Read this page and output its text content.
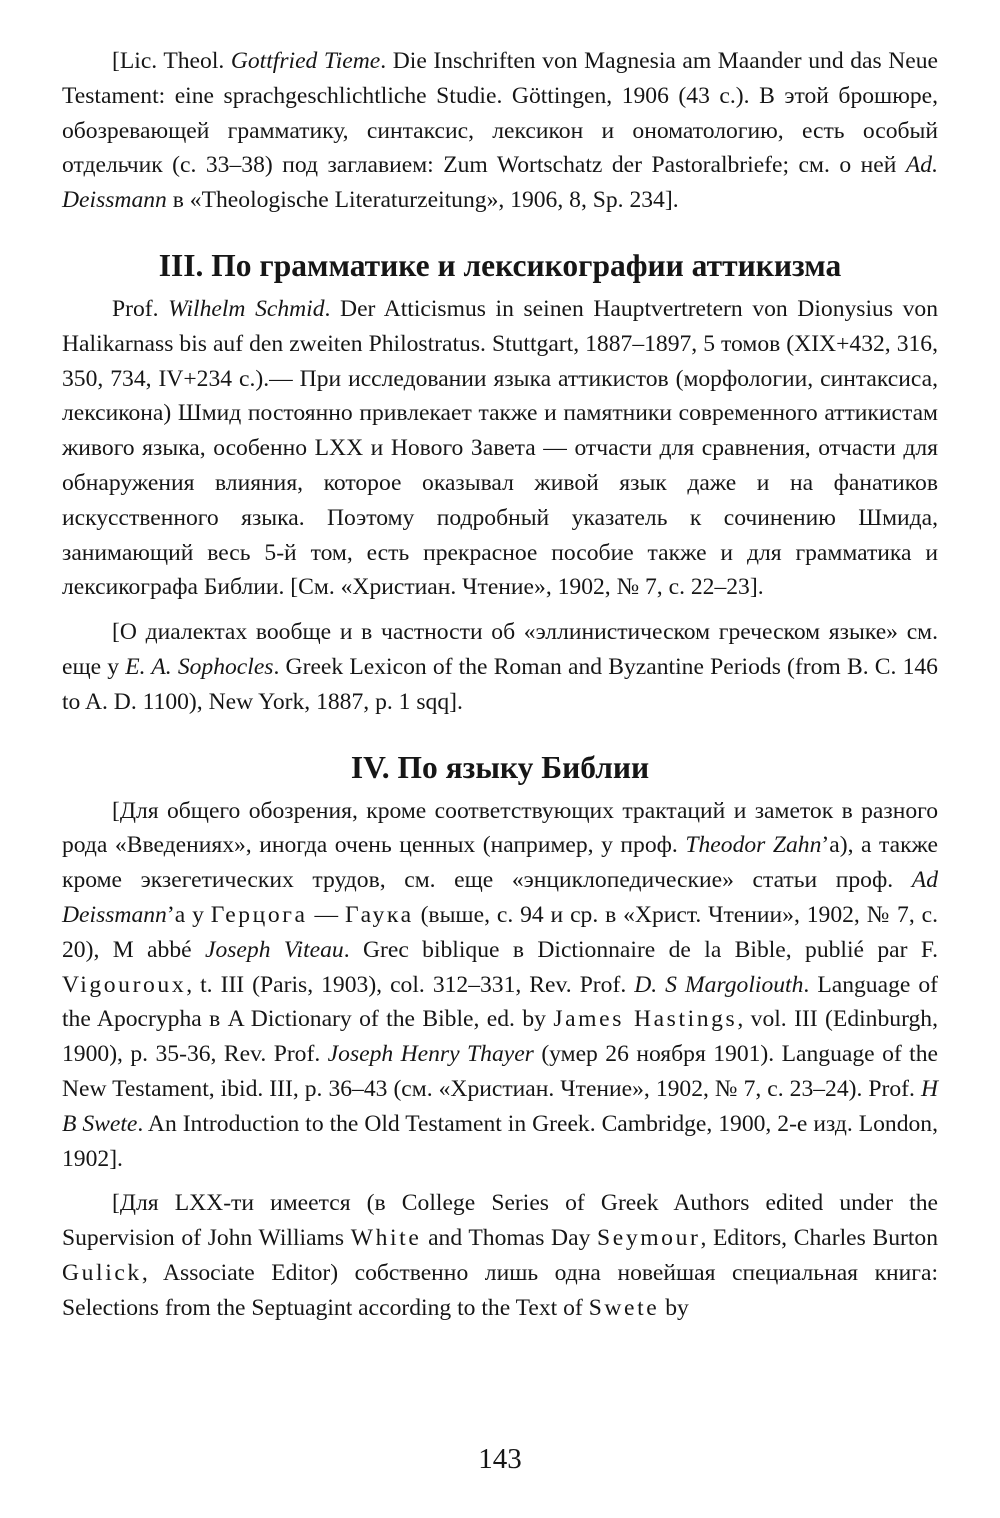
[Lic. Theol. Gottfried Tieme. Die Inschriften von Magnesia am Maander und das Neue Testament: eine sprachgeschlichtliche Studie. Göttingen, 1906 (43 с.). В этой брошюре, обозревающей грамматику, синтаксис, лексикон и ономатологию, есть особый отдельчик (с. 33–38) под заглавием: Zum Wortschatz der Pastoralbriefe; см. о ней Ad. Deissmann в «Theologische Literaturzeitung», 1906, 8, Sp. 234].

III. По грамматике и лексикографии аттикизма

Prof. Wilhelm Schmid. Der Atticismus in seinen Hauptvertretern von Dionysius von Halikarnass bis auf den zweiten Philostratus. Stuttgart, 1887–1897, 5 томов (XIX+432, 316, 350, 734, IV+234 с.).— При исследовании языка аттикистов (морфологии, синтаксиса, лексикона) Шмид постоянно привлекает также и памятники современного аттикистам живого языка, особенно LXX и Нового Завета — отчасти для сравнения, отчасти для обнаружения влияния, которое оказывал живой язык даже и на фанатиков искусственного языка. Поэтому подробный указатель к сочинению Шмида, занимающий весь 5-й том, есть прекрасное пособие также и для грамматика и лексикографа Библии. [См. «Христиан. Чтение», 1902, № 7, с. 22–23].

[О диалектах вообще и в частности об «эллинистическом греческом языке» см. еще у E. A. Sophocles. Greek Lexicon of the Roman and Byzantine Periods (from B. C. 146 to A. D. 1100), New York, 1887, p. 1 sqq].

IV. По языку Библии

[Для общего обозрения, кроме соответствующих трактаций и заметок в разного рода «Введениях», иногда очень ценных (например, у проф. Theodor Zahn’а), а также кроме экзегетических трудов, см. еще «энциклопедические» статьи проф. Ad Deissmann’а у Герцога — Гаука (выше, с. 94 и ср. в «Христ. Чтении», 1902, № 7, с. 20), M abbé Joseph Viteau. Grec biblique в Dictionnaire de la Bible, publié par F. Vigouroux, t. III (Paris, 1903), col. 312–331, Rev. Prof. D. S Margoliouth. Language of the Apocrypha в A Dictionary of the Bible, ed. by James Hastings, vol. III (Edinburgh, 1900), p. 35-36, Rev. Prof. Joseph Henry Thayer (умер 26 ноября 1901). Language of the New Testament, ibid. III, p. 36–43 (см. «Христиан. Чтение», 1902, № 7, с. 23–24). Prof. H B Swete. An Introduction to the Old Testament in Greek. Cambridge, 1900, 2-е изд. London, 1902].

[Для LXX-ти имеется (в College Series of Greek Authors edited under the Supervision of John Williams White and Thomas Day Seymour, Editors, Charles Burton Gulick, Associate Editor) собственно лишь одна новейшая специальная книга: Selections from the Septuagint according to the Text of Swete by

143
